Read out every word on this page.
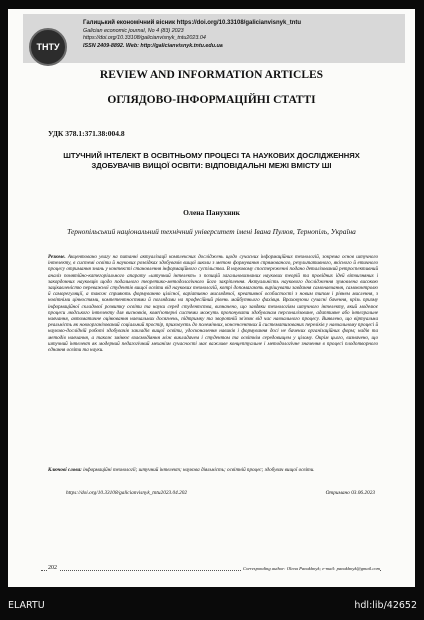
ТНТУ
Галицький економічний вісник https://doi.org/10.33108/galicianvisnyk_tntu
Galician economic journal, No 4 (83) 2023
https://doi.org/10.33108/galicianvisnyk_tntu2023.04
ISSN 2409-8892. Web: http://galicianvisnyk.tntu.edu.ua
REVIEW AND INFORMATION ARTICLES
ОГЛЯДОВО-ІНФОРМАЦІЙНІ СТАТТІ
УДК 378.1:371.38:004.8
ШТУЧНИЙ ІНТЕЛЕКТ В ОСВІТНЬОМУ ПРОЦЕСІ ТА НАУКОВИХ ДОСЛІДЖЕННЯХ ЗДОБУВАЧІВ ВИЩОЇ ОСВІТИ: ВІДПОВІДАЛЬНІ МЕЖІ ВМІСТУ ШІ
Олена Панухник
Тернопільський національний технічний університет імені Івана Пулюя, Тернопіль, Україна
Резюме. Акцентовано увагу на питанні актуалізації комплексних досліджень щодо сучасних інформаційних технологій, зокрема основ штучного інтелекту, в системі освіти й наукових розвідках здобувачів вищої школи з метою формування спрямованого, результативного, якісного й етичного процесу отримання знань у контексті становлення інформаційного суспільства. В науковому спостереженні подано деталізований ретроспективний аналіз понятійно-категоріального апарату «штучний інтелект» з позицій загальновизнаних наукових теорій та провідних ідей вітчизняних і закордонних науковців щодо подального теоретико-методологічного його закріплення. Актуальність наукового дослідження зумовлена високою зацікавленістю переважної студентів вищої освіти від наукових технологій, котрі допомагають вирішувати завдання самонавчання, самоконтролю й саморегуляції, а також сприяють формуванню цілісної, варіативно мислядячої, креативної особистості з новим типом і рівнем мислення, з новітніми цінностями, компетентностями й поглядами на професійний рівень майбутнього фахівця. Враховуючи сучасні бачення, крізь призму інформаційної складової розвитку освіти та науки серед студентства, визначено, що завдяки технологіям штучного інтелекту, який моделює процеси людського інтелекту для висновків, комп'ютерні системи можуть пропонувати здобувачам персоналізоване, адаптивне або інтегральне навчання, автоматичне оцінювання навчальних досягнень, підтримку та зворотній зв'язок від час навчального процесу. Виявлено, що віртуальна реальність як новоорганізований соціальний простір, приховуєть до полемічних, консенсентних й систематизованих переліків у навчальному процесі й науково-дослідній роботі здобувачів закладів вищої освіти, удосконалення навиків і формування досі не бачених організаційних форм; надів та методів навчання, а також змінює взаємодіяння між викладачем і студентом та освітнім середовищем у цілому. Окрім цього, визначено, що штучний інтелект як модерний педагогічний механізм сучасності має важливе концептуальне і методологічне значення в процесі плодотворного єднання освіти та науки.
Ключові слова: інформаційні технології; штучний інтелект; наукова діяльність; освітній процес; здобувач вищої освіти.
https://doi.org/10.33108/galicianvisnyk_tntu2023.04.202	Отримано 03.06.2023
202	Corresponding author: Olena Panukhnyk; e-mail: panukhnyk@gmail.com
ELARTU	hdl:lib/42652
